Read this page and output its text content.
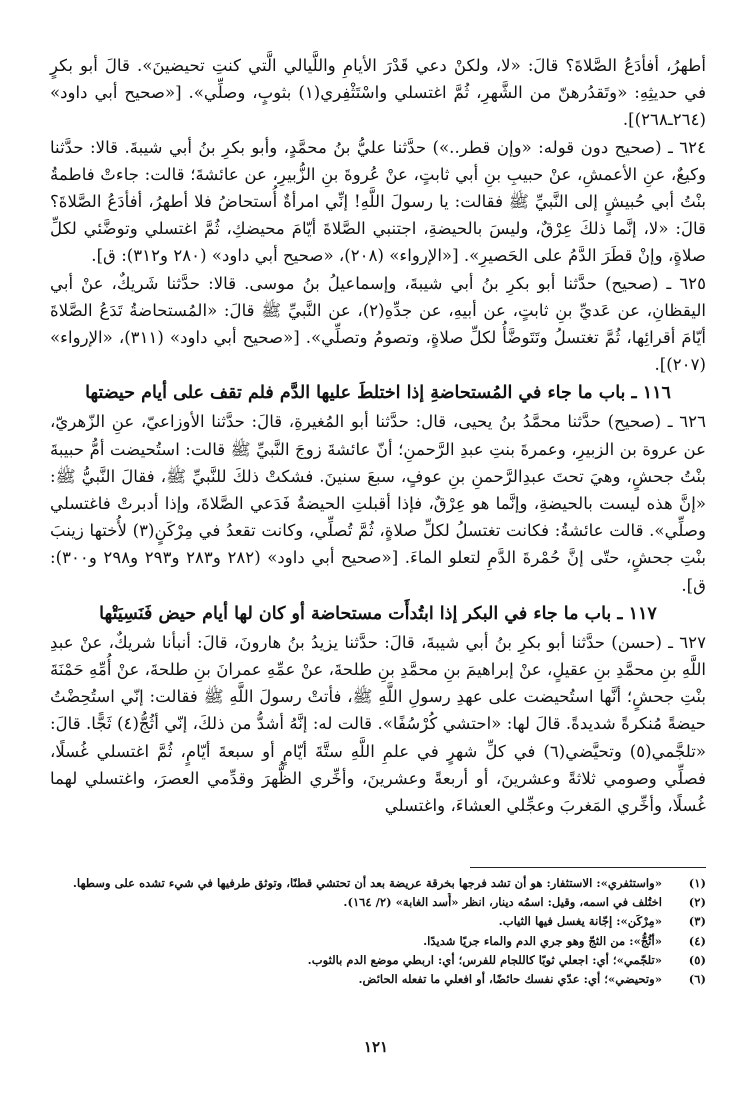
أطهرُ، أفأدَعُ الصَّلاةَ؟ قالَ: «لا، ولكنْ دعي قَدْرَ الأيامِ واللَّيالي الَّتي كنتِ تحيضينَ». قالَ أبو بكرٍ في حديثِهِ: «وتَقدُرهنّ من الشَّهرِ، ثُمَّ اغتسلي واسْتَثْفِري(١) بثوبٍ، وصلِّي». [«صحيح أبي داود» (٢٦٤ـ٢٦٨)].

٦٢٤ ـ (صحيح دون قوله: «وإن قطر..») حدَّثنا عليُّ بنُ محمَّدٍ، وأبو بكرِ بنُ أبي شيبةَ. قالا: حدَّثنا وكيعٌ، عنِ الأعمشِ، عنْ حبيبِ بنِ أبي ثابتٍ، عنْ عُروةَ بنِ الزُّبيرِ، عن عائشةَ؛ قالت: جاءتْ فاطمةُ بنْتُ أبي حُبيشٍ إلى النَّبيِّ ﷺ فقالت: يا رسولَ اللَّهِ! إنِّي امرأةٌ أُستحاضُ فلا أطهرُ، أفأدَعُ الصَّلاةَ؟ قالَ: «لا، إنَّما ذلكَ عِرْقٌ، وليسَ بالحيضةِ، اجتنبي الصَّلاةَ أيّامَ محيضكِ، ثُمَّ اغتسلي وتوضَّئي لكلِّ صلاةٍ، وإنْ قطَرَ الدَّمُ على الحَصيرِ». [«الإرواء» (٢٠٨)، «صحيح أبي داود» (٢٨٠ و٣١٢): ق].

٦٢٥ ـ (صحيح) حدَّثنا أبو بكرِ بنُ أبي شيبةَ، وإسماعيلُ بنُ موسى. قالا: حدَّثنا شَريكٌ، عنْ أبي اليقظانِ، عن عَديِّ بنِ ثابتٍ، عن أبيهِ، عن جدِّهِ(٢)، عن النَّبيِّ ﷺ قالَ: «المُستحاضةُ تَدَعُ الصَّلاةَ أيّامَ أقرائِها، ثُمَّ تغتسلُ وتَتَوضَّأُ لكلِّ صلاةٍ، وتصومُ وتصلِّي». [«صحيح أبي داود» (٣١١)، «الإرواء» (٢٠٧)].

١١٦ ـ باب ما جاء في المُستحاضةِ إذا اختلطَ عليها الدَّم فلم تقف على أيام حيضتها

٦٢٦ ـ (صحيح) حدَّثنا محمَّدُ بنُ يحيى، قال: حدَّثنا أبو المُغيرةِ، قالَ: حدَّثنا الأوزاعيّ، عنِ الزّهريّ، عن عروة بن الزبيرِ، وعمرةَ بنتِ عبدِ الرَّحمنِ؛ أنّ عائشةَ زوجَ النَّبيِّ ﷺ قالت: استُحيضت أمُّ حبيبةَ بنْتُ جحشٍ، وهيَ تحتَ عبدِالرَّحمنِ بنِ عوفٍ، سبعَ سنينَ. فشكتْ ذلكَ للنَّبيِّ ﷺ، فقالَ النَّبيُّ ﷺ: «إنَّ هذه ليست بالحيضةِ، وإنَّما هو عِرْقٌ، فإذا أقبلتِ الحيضةُ فَدَعي الصَّلاةَ، وإذا أدبرتْ فاغتسلي وصلِّي». قالت عائشةُ: فكانت تغتسلُ لكلِّ صلاةٍ، ثُمَّ تُصلِّي، وكانت تقعدُ في مِرْكَنٍ(٣) لأُختها زينبَ بنْتِ جحشٍ، حتّى إنَّ حُمْرةَ الدَّمِ لتعلو الماءَ. [«صحيح أبي داود» (٢٨٢ و٢٨٣ و٢٩٣ و٢٩٨ و٣٠٠): ق].

١١٧ ـ باب ما جاء في البكر إذا ابتُدأَت مستحاضة أو كان لها أيام حيض فَنَسِيَتْها

٦٢٧ ـ (حسن) حدَّثنا أبو بكرِ بنُ أبي شيبةَ، قالَ: حدَّثنا يزيدُ بنُ هارونَ، قالَ: أنبأنا شريكٌ، عنْ عبدِ اللَّهِ بنِ محمَّدِ بنِ عقيلٍ، عنْ إبراهيمَ بنِ محمَّدِ بنِ طلحةَ، عنْ عمِّهِ عمرانَ بنِ طلحةَ، عنْ أُمِّهِ حَمْنَةَ بنْتِ جحشٍ؛ أنَّها استُحيضت على عهدِ رسولِ اللَّهِ ﷺ، فأتتْ رسولَ اللَّهِ ﷺ فقالت: إنّي استُحِضْتُ حيضةً مُنكرةً شديدةً. قالَ لها: «احتشي كُرْسُفًا». قالت له: إنَّهُ أشدُّ من ذلكَ، إنّي أثُجُّ(٤) ثَجًّا. قالَ: «تلجَّمي(٥) وتحيَّضي(٦) في كلِّ شهرٍ في علمِ اللَّهِ ستَّةَ أيّامٍ أو سبعةَ أيّامٍ، ثُمَّ اغتسلي غُسلًا، فصلِّي وصومي ثلاثةً وعشرينَ، أو أربعةً وعشرينَ، وأخِّري الظُّهرَ وقدِّمي العصرَ، واغتسلي لهما غُسلًا، وأخِّري المَغربَ وعجِّلي العشاءَ، واغتسلي

(١)
«واستثفري»: الاستثفار: هو أن تشد فرجها بخرقة عريضة بعد أن تحتشي قطنًا، وتوثق طرفيها في شيء تشده على وسطها.
(٢)
اختُلف في اسمه، وقيل: اسمُه دينار، انظر «أُسد الغابة» (٢/ ١٦٤).
(٣)
«مِرْكَن»: إجّانة يغسل فيها الثياب.
(٤)
«أثُجُّ»: من الثجّ وهو جري الدم والماء جريًا شديدًا.
(٥)
«تلجّمي»؛ أي: اجعلي ثوبًا كاللجام للفرس؛ أي: اربطي موضع الدم بالثوب.
(٦)
«وتحيضي»؛ أي: عدّي نفسك حائضًا، أو افعلي ما تفعله الحائض.
١٢١
